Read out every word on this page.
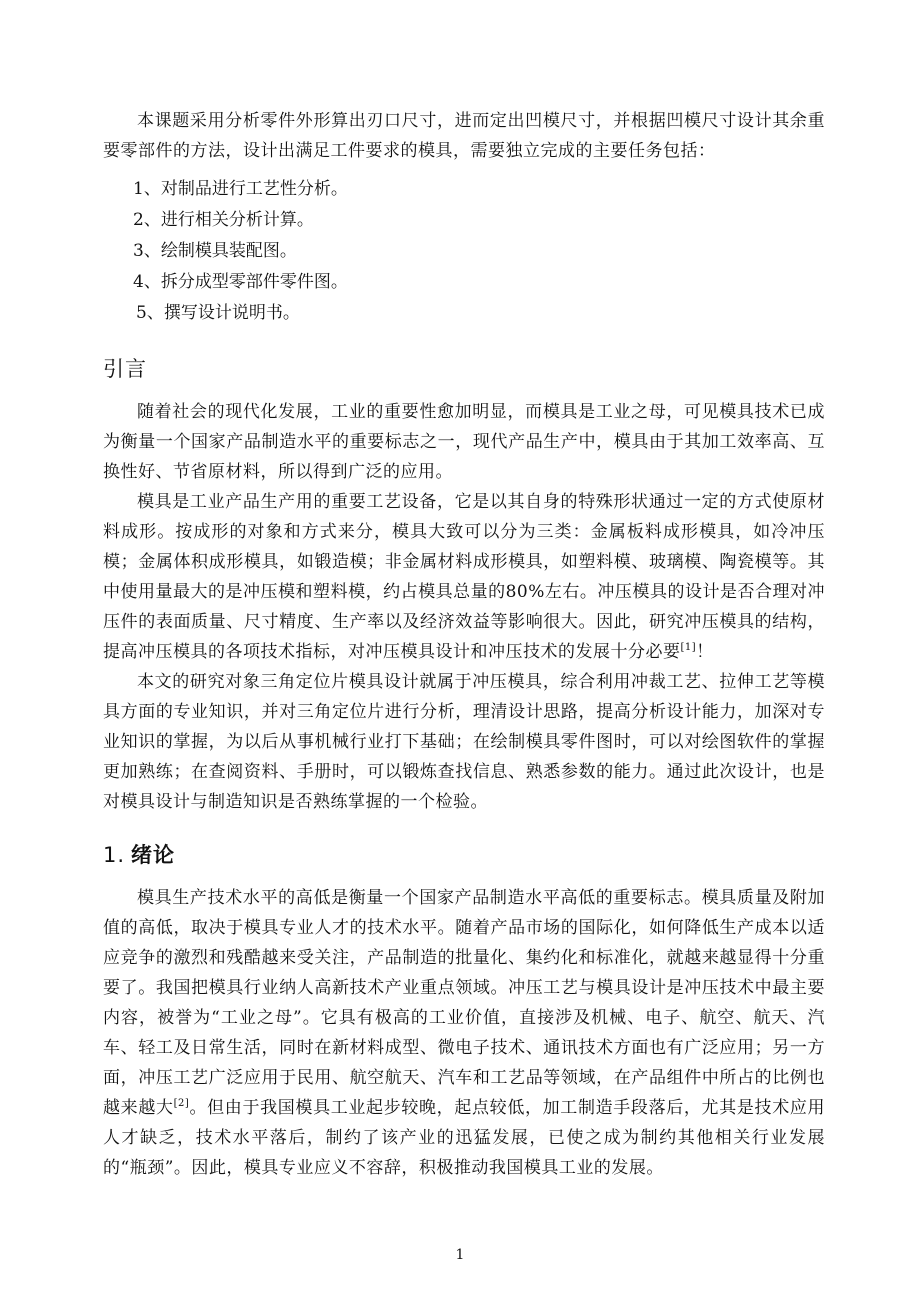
本课题采用分析零件外形算出刃口尺寸，进而定出凹模尺寸，并根据凹模尺寸设计其余重要零部件的方法，设计出满足工件要求的模具，需要独立完成的主要任务包括：

1、对制品进行工艺性分析。
2、进行相关分析计算。
3、绘制模具装配图。
4、拆分成型零部件零件图。
5、撰写设计说明书。
引言

随着社会的现代化发展，工业的重要性愈加明显，而模具是工业之母，可见模具技术已成为衡量一个国家产品制造水平的重要标志之一，现代产品生产中，模具由于其加工效率高、互换性好、节省原材料，所以得到广泛的应用。

模具是工业产品生产用的重要工艺设备，它是以其自身的特殊形状通过一定的方式使原材料成形。按成形的对象和方式来分，模具大致可以分为三类：金属板料成形模具，如冷冲压模；金属体积成形模具，如锻造模；非金属材料成形模具，如塑料模、玻璃模、陶瓷模等。其中使用量最大的是冲压模和塑料模，约占模具总量的80%左右。冲压模具的设计是否合理对冲压件的表面质量、尺寸精度、生产率以及经济效益等影响很大。因此，研究冲压模具的结构，提高冲压模具的各项技术指标，对冲压模具设计和冲压技术的发展十分必要[1]！

本文的研究对象三角定位片模具设计就属于冲压模具，综合利用冲裁工艺、拉伸工艺等模具方面的专业知识，并对三角定位片进行分析，理清设计思路，提高分析设计能力，加深对专业知识的掌握，为以后从事机械行业打下基础；在绘制模具零件图时，可以对绘图软件的掌握更加熟练；在查阅资料、手册时，可以锻炼查找信息、熟悉参数的能力。通过此次设计，也是对模具设计与制造知识是否熟练掌握的一个检验。

1. 绪论

模具生产技术水平的高低是衡量一个国家产品制造水平高低的重要标志。模具质量及附加值的高低，取决于模具专业人才的技术水平。随着产品市场的国际化，如何降低生产成本以适应竞争的激烈和残酷越来受关注，产品制造的批量化、集约化和标准化，就越来越显得十分重要了。我国把模具行业纳人高新技术产业重点领域。冲压工艺与模具设计是冲压技术中最主要内容，被誉为“工业之母”。它具有极高的工业价值，直接涉及机械、电子、航空、航天、汽车、轻工及日常生活，同时在新材料成型、微电子技术、通讯技术方面也有广泛应用；另一方面，冲压工艺广泛应用于民用、航空航天、汽车和工艺品等领域，在产品组件中所占的比例也越来越大[2]。但由于我国模具工业起步较晚，起点较低，加工制造手段落后，尤其是技术应用人才缺乏，技术水平落后，制约了该产业的迅猛发展，已使之成为制约其他相关行业发展的“瓶颈”。因此，模具专业应义不容辞，积极推动我国模具工业的发展。

1
